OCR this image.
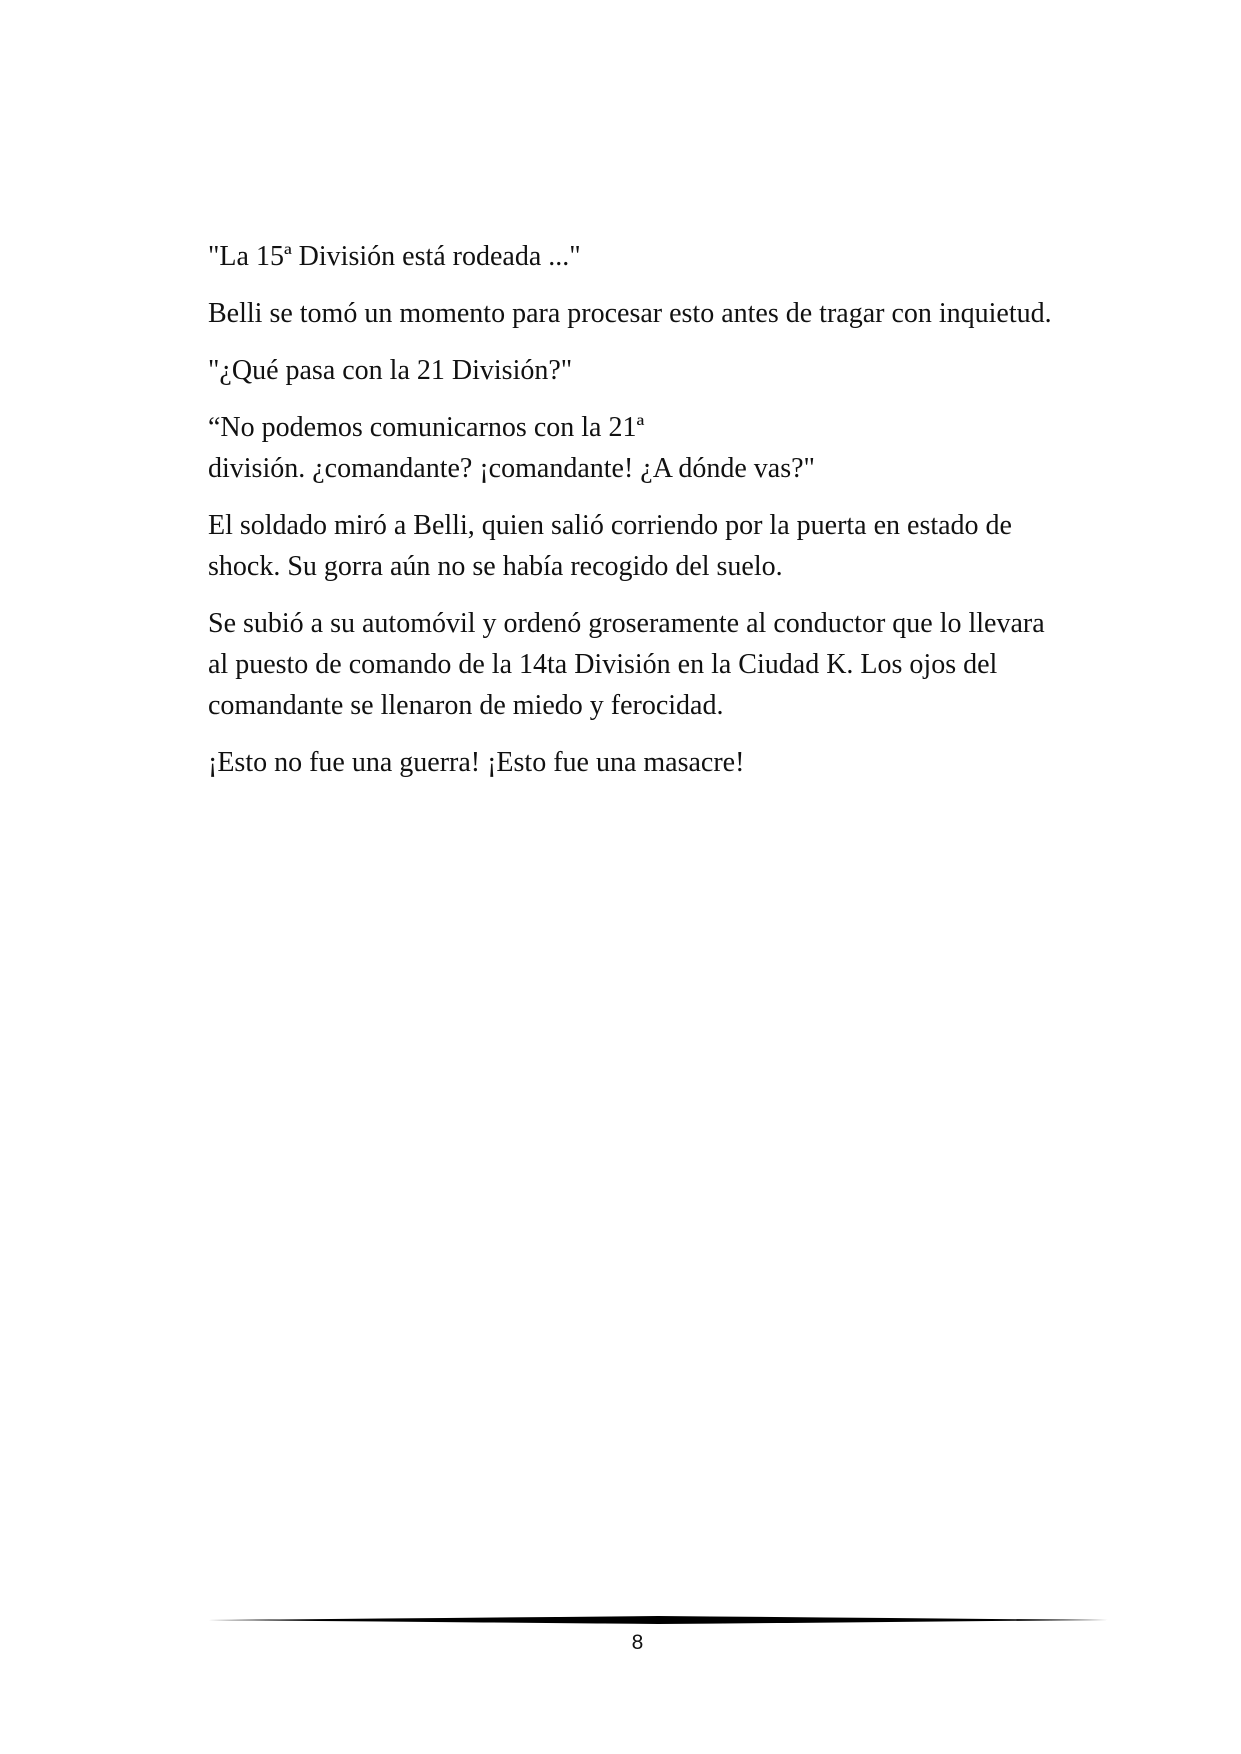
"La 15ª División está rodeada ..."

Belli se tomó un momento para procesar esto antes de tragar con inquietud.

"¿Qué pasa con la 21 División?"

“No podemos comunicarnos con la 21ª

división. ¿comandante? ¡comandante! ¿A dónde vas?"

El soldado miró a Belli, quien salió corriendo por la puerta en estado de shock. Su gorra aún no se había recogido del suelo.

Se subió a su automóvil y ordenó groseramente al conductor que lo llevara al puesto de comando de la 14ta División en la Ciudad K. Los ojos del comandante se llenaron de miedo y ferocidad.

¡Esto no fue una guerra! ¡Esto fue una masacre!

8
